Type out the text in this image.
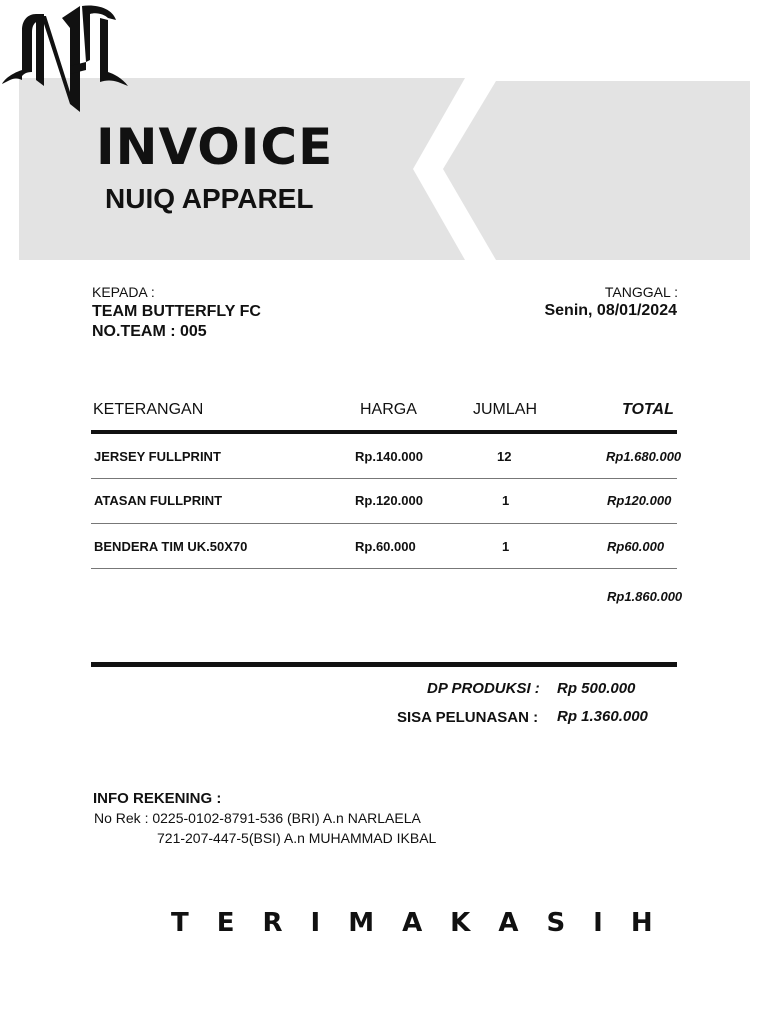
INVOICE
NUIQ APPAREL
KEPADA :
TEAM BUTTERFLY FC
NO.TEAM : 005
TANGGAL :
Senin, 08/01/2024
KETERANGAN	HARGA	JUMLAH	TOTAL
JERSEY FULLPRINT	Rp.140.000	12	Rp1.680.000
ATASAN FULLPRINT	Rp.120.000	1	Rp120.000
BENDERA TIM UK.50X70	Rp.60.000	1	Rp60.000
Rp1.860.000
DP PRODUKSI : Rp 500.000
SISA PELUNASAN : Rp 1.360.000
INFO REKENING :
No Rek : 0225-0102-8791-536 (BRI) A.n NARLAELA
721-207-447-5(BSI) A.n MUHAMMAD IKBAL
TERIMAKASIH
